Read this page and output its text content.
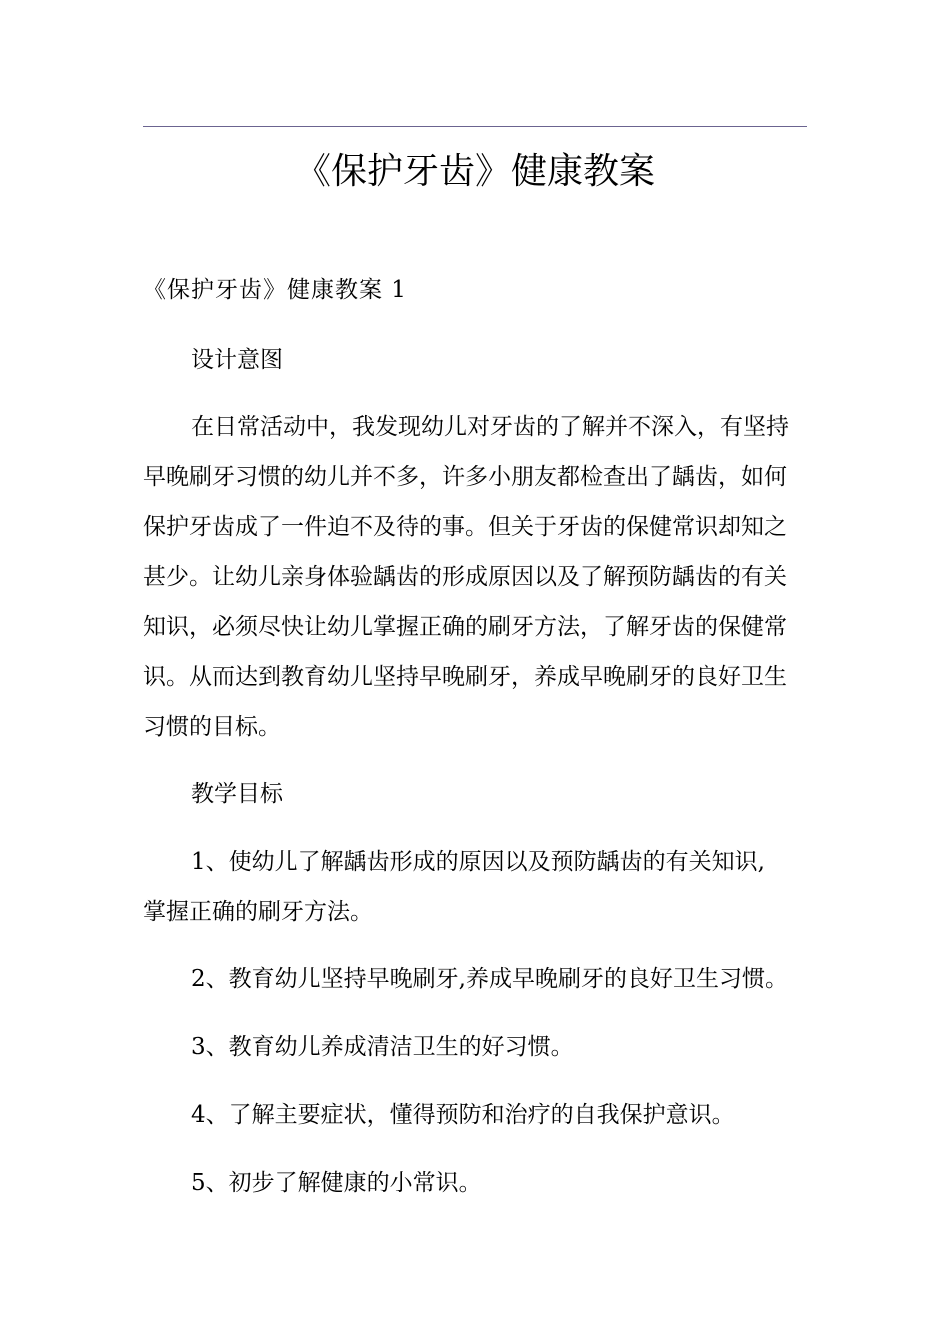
《保护牙齿》健康教案
《保护牙齿》健康教案 1
设计意图
在日常活动中，我发现幼儿对牙齿的了解并不深入，有坚持
早晚刷牙习惯的幼儿并不多，许多小朋友都检查出了龋齿，如何
保护牙齿成了一件迫不及待的事。但关于牙齿的保健常识却知之
甚少。让幼儿亲身体验龋齿的形成原因以及了解预防龋齿的有关
知识，必须尽快让幼儿掌握正确的刷牙方法，了解牙齿的保健常
识。从而达到教育幼儿坚持早晚刷牙，养成早晚刷牙的良好卫生
习惯的目标。
教学目标
1、使幼儿了解龋齿形成的原因以及预防龋齿的有关知识,
掌握正确的刷牙方法。
2、教育幼儿坚持早晚刷牙,养成早晚刷牙的良好卫生习惯。
3、教育幼儿养成清洁卫生的好习惯。
4、了解主要症状，懂得预防和治疗的自我保护意识。
5、初步了解健康的小常识。
